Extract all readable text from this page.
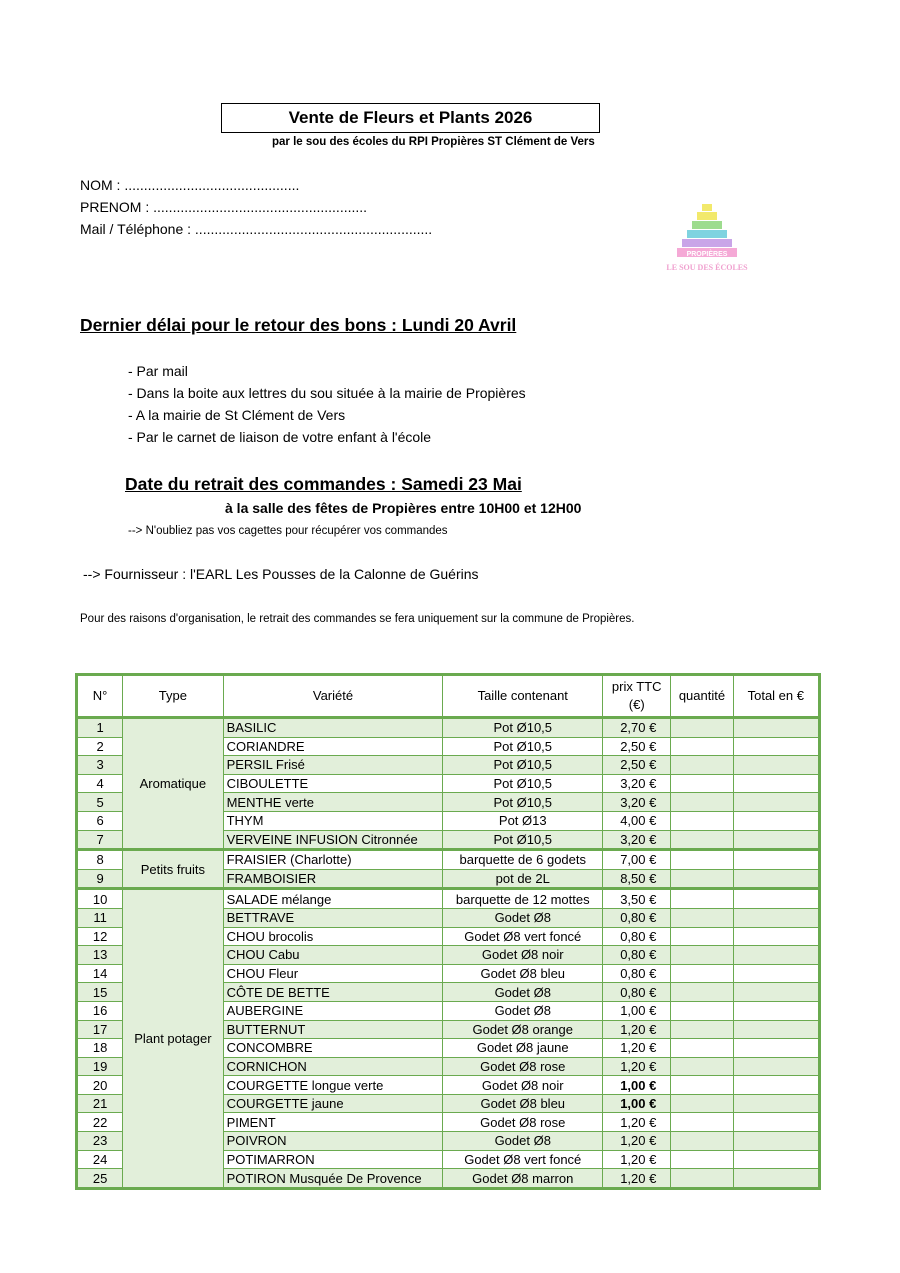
Vente de Fleurs et Plants 2026
par le sou des écoles du RPI Propières ST Clément de Vers
NOM : .............................................
PRENOM : .......................................................
Mail / Téléphone : .............................................................
PROPIÈRES
LE SOU DES ÉCOLES
Dernier délai pour le retour des bons : Lundi 20 Avril
- Par mail
- Dans la boite aux lettres du sou située à la mairie de Propières
- A la mairie de St Clément de Vers
- Par le carnet de liaison de votre enfant à l'école
Date du retrait des commandes : Samedi 23 Mai
à la salle des fêtes de Propières entre 10H00 et 12H00
--> N'oubliez pas vos cagettes pour récupérer vos commandes
--> Fournisseur : l'EARL Les Pousses de la Calonne de Guérins
Pour des raisons d'organisation, le retrait des commandes se fera uniquement sur la commune de Propières.
N°	Type	Variété	Taille contenant	prix TTC (€)	quantité	Total en €
1	Aromatique	BASILIC	Pot Ø10,5	2,70 €		
2		CORIANDRE	Pot Ø10,5	2,50 €		
3		PERSIL Frisé	Pot Ø10,5	2,50 €		
4		CIBOULETTE	Pot Ø10,5	3,20 €		
5		MENTHE verte	Pot Ø10,5	3,20 €		
6		THYM	Pot Ø13	4,00 €		
7		VERVEINE INFUSION Citronnée	Pot Ø10,5	3,20 €		
8	Petits fruits	FRAISIER (Charlotte)	barquette de 6 godets	7,00 €		
9		FRAMBOISIER	pot de 2L	8,50 €		
10	Plant potager	SALADE mélange	barquette de 12 mottes	3,50 €		
11		BETTRAVE	Godet Ø8	0,80 €		
12		CHOU brocolis	Godet Ø8 vert foncé	0,80 €		
13		CHOU Cabu	Godet Ø8 noir	0,80 €		
14		CHOU Fleur	Godet Ø8 bleu	0,80 €		
15		CÔTE DE BETTE	Godet Ø8	0,80 €		
16		AUBERGINE	Godet Ø8	1,00 €		
17		BUTTERNUT	Godet Ø8 orange	1,20 €		
18		CONCOMBRE	Godet Ø8 jaune	1,20 €		
19		CORNICHON	Godet Ø8 rose	1,20 €		
20		COURGETTE longue verte	Godet Ø8 noir	1,00 €		
21		COURGETTE jaune	Godet Ø8 bleu	1,00 €		
22		PIMENT	Godet Ø8 rose	1,20 €		
23		POIVRON	Godet Ø8	1,20 €		
24		POTIMARRON	Godet Ø8 vert foncé	1,20 €		
25		POTIRON Musquée De Provence	Godet Ø8 marron	1,20 €		
